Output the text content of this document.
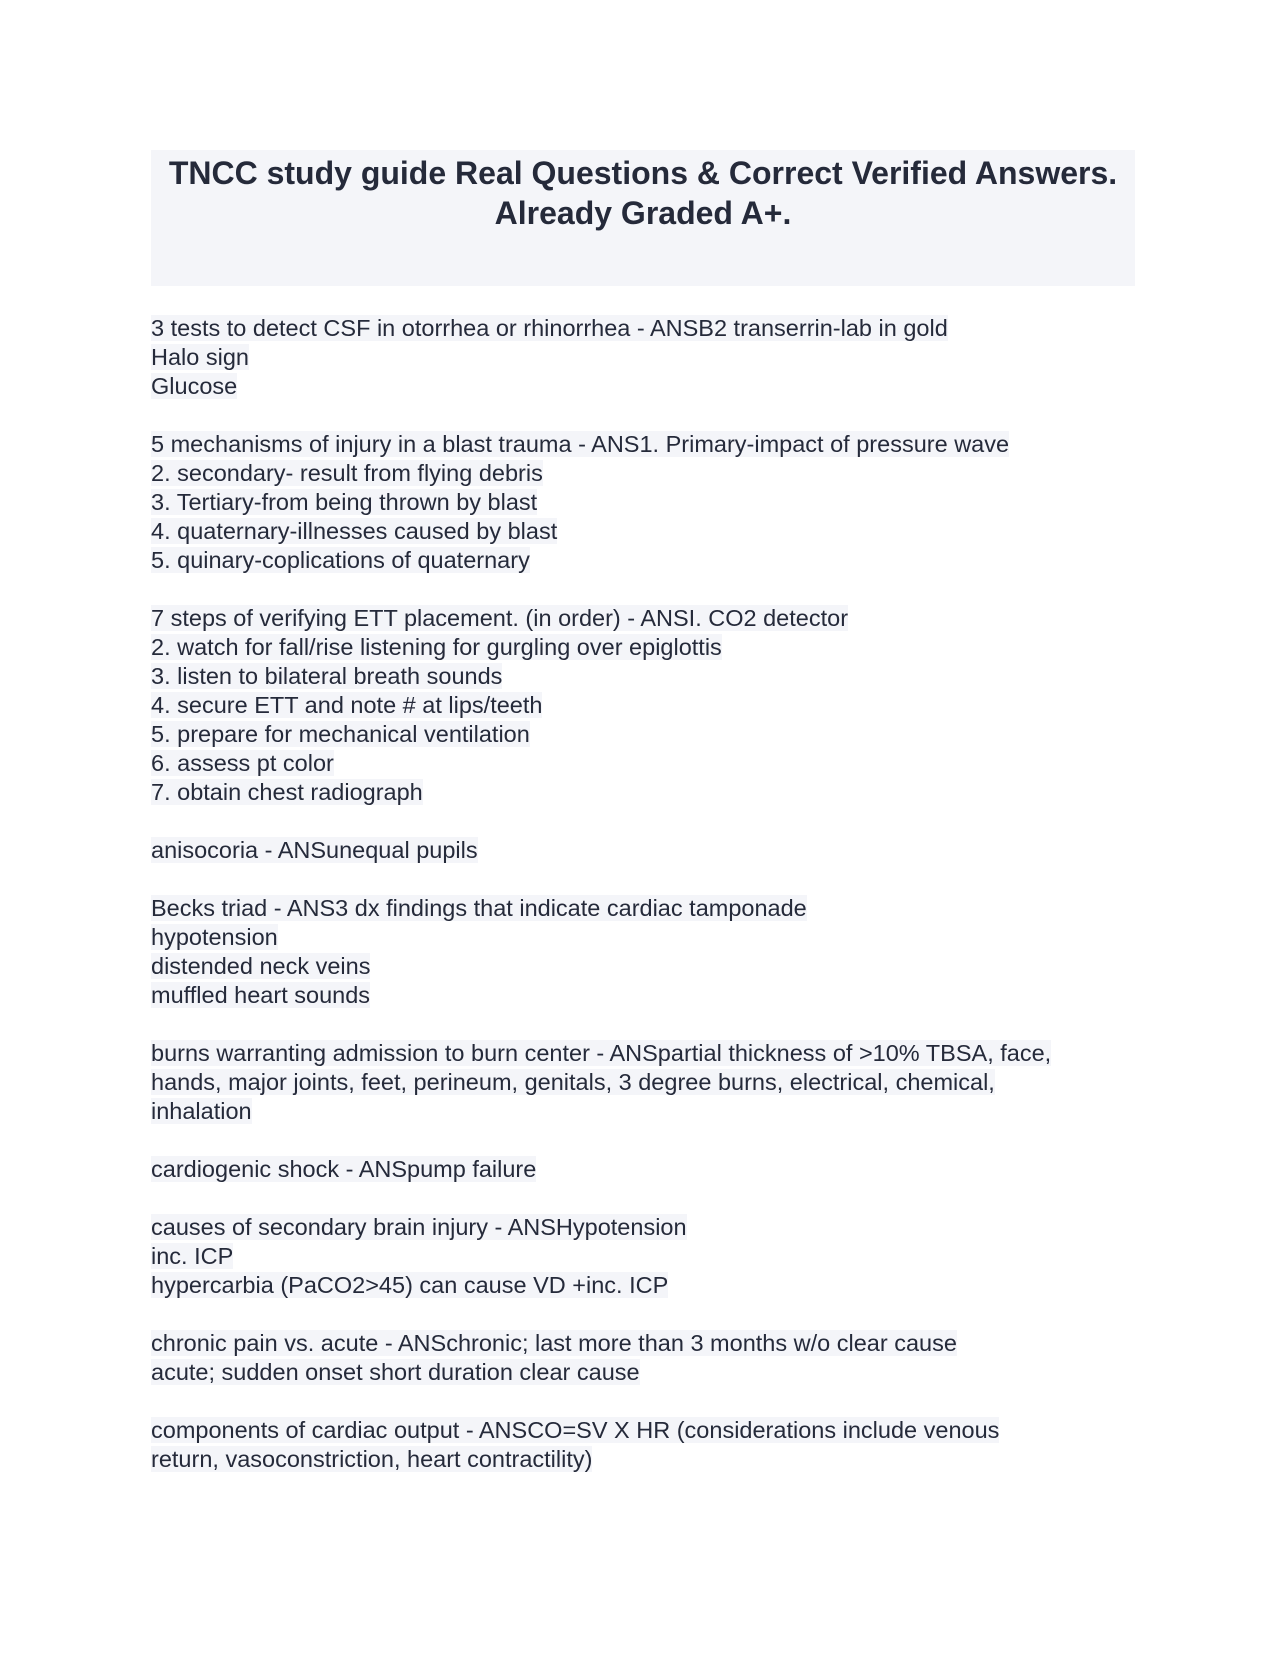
TNCC study guide Real Questions & Correct Verified Answers. Already Graded A+.
3 tests to detect CSF in otorrhea or rhinorrhea - ANSB2 transerrin-lab in gold
Halo sign
Glucose
5 mechanisms of injury in a blast trauma - ANS1. Primary-impact of pressure wave
2. secondary- result from flying debris
3. Tertiary-from being thrown by blast
4. quaternary-illnesses caused by blast
5. quinary-coplications of quaternary
7 steps of verifying ETT placement. (in order) - ANSI. CO2 detector
2. watch for fall/rise listening for gurgling over epiglottis
3. listen to bilateral breath sounds
4. secure ETT and note # at lips/teeth
5. prepare for mechanical ventilation
6. assess pt color
7. obtain chest radiograph
anisocoria - ANSunequal pupils
Becks triad - ANS3 dx findings that indicate cardiac tamponade
hypotension
distended neck veins
muffled heart sounds
burns warranting admission to burn center - ANSpartial thickness of >10% TBSA, face,
hands, major joints, feet, perineum, genitals, 3 degree burns, electrical, chemical,
inhalation
cardiogenic shock - ANSpump failure
causes of secondary brain injury - ANSHypotension
inc. ICP
hypercarbia (PaCO2>45) can cause VD +inc. ICP
chronic pain vs. acute - ANSchronic; last more than 3 months w/o clear cause
acute; sudden onset short duration clear cause
components of cardiac output - ANSCO=SV X HR (considerations include venous
return, vasoconstriction, heart contractility)
